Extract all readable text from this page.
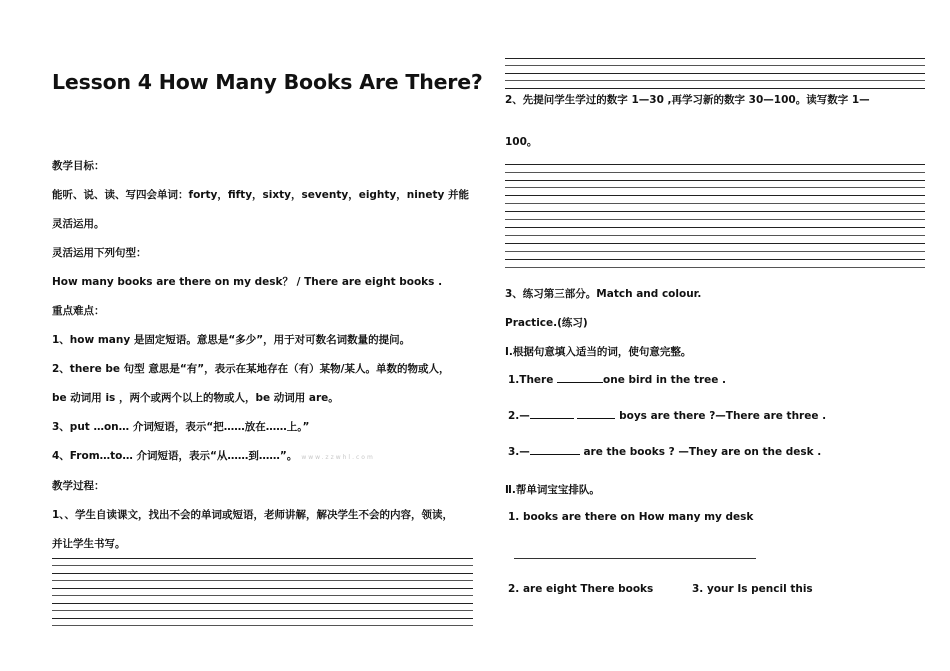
Lesson 4 How Many Books Are There?
教学目标：
能听、说、读、写四会单词：forty，fifty，sixty，seventy，eighty，ninety 并能
灵活运用。
灵活运用下列句型：
How many books are there on my desk？ / There are eight books .
重点难点：
1、how many 是固定短语。意思是“多少”，用于对可数名词数量的提问。
2、there be 句型 意思是“有”，表示在某地存在（有）某物/某人。单数的物或人，
be 动词用 is ，两个或两个以上的物或人，be 动词用 are。
3、put …on… 介词短语，表示“把……放在……上。”
4、From…to… 介词短语，表示“从……到……”。 www.zzwhl.com
教学过程：
1、、学生自读课文，找出不会的单词或短语，老师讲解，解决学生不会的内容，领读，
并让学生书写。
2、先提问学生学过的数字 1—30 ,再学习新的数字 30—100。读写数字 1—
100。
3、练习第三部分。Match and colour.
Practice.(练习)
Ⅰ.根据句意填入适当的词，使句意完整。
1.There	one bird in the tree .
2.—	boys are there ?—There are three .
3.—	are the books ? —They are on the desk .
Ⅱ.帮单词宝宝排队。
1. books are there on How many my desk
2. are eight There books	3. your Is pencil this
